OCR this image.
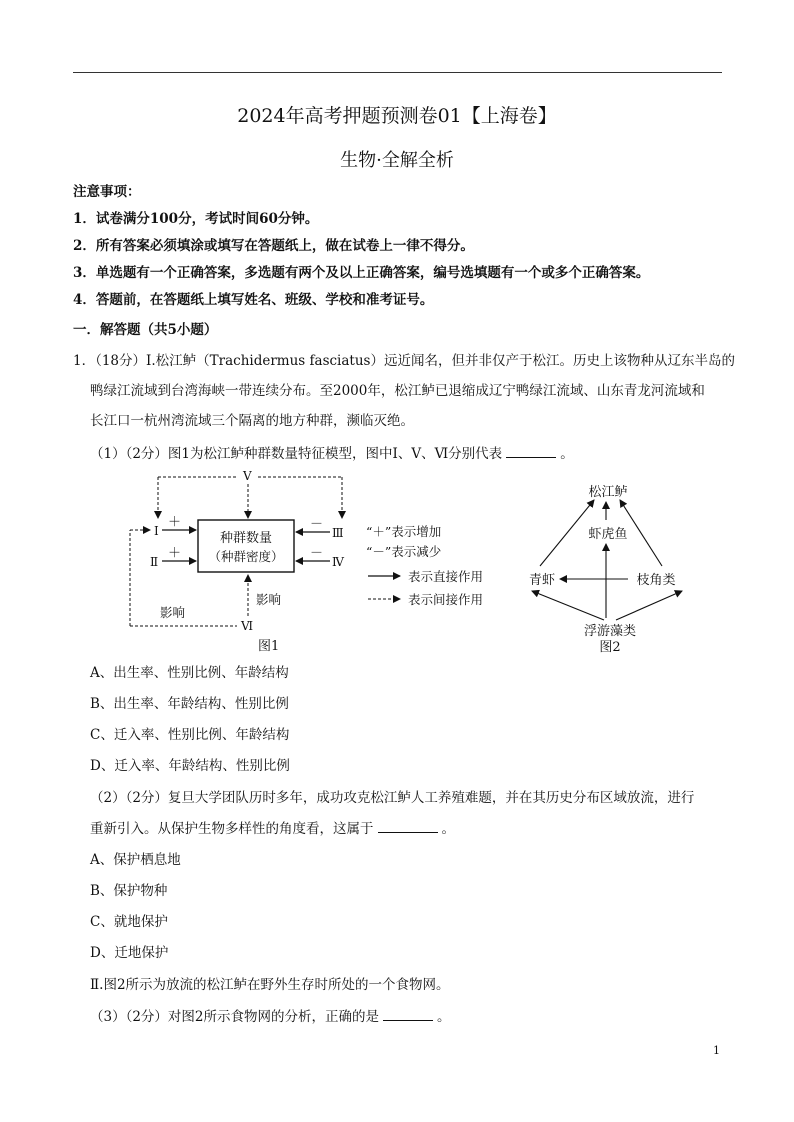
2024年高考押题预测卷01【上海卷】
生物·全解全析
注意事项：
1．试卷满分100分，考试时间60分钟。
2．所有答案必须填涂或填写在答题纸上，做在试卷上一律不得分。
3．单选题有一个正确答案，多选题有两个及以上正确答案，编号选填题有一个或多个正确答案。
4．答题前，在答题纸上填写姓名、班级、学校和准考证号。
一．解答题（共5小题）
1．（18分）Ⅰ.松江鲈（Trachidermus fasciatus）远近闻名，但并非仅产于松江。历史上该物种从辽东半岛的
鸭绿江流域到台湾海峡一带连续分布。至2000年，松江鲈已退缩成辽宁鸭绿江流域、山东青龙河流域和
长江口一杭州湾流域三个隔离的地方种群，濒临灭绝。
（1）（2分）图1为松江鲈种群数量特征模型，图中Ⅰ、Ⅴ、Ⅵ分别代表	。
种群数量
（种群密度）
Ⅰ
＋
Ⅱ
＋
Ⅲ
－
Ⅳ
－
Ⅴ
Ⅵ
影响
影响
图1
“＋”表示增加
“－”表示减少
表示直接作用
表示间接作用
松江鲈
虾虎鱼
青虾	枝角类
浮游藻类
图2
A、出生率、性别比例、年龄结构
B、出生率、年龄结构、性别比例
C、迁入率、性别比例、年龄结构
D、迁入率、年龄结构、性别比例
（2）（2分）复旦大学团队历时多年，成功攻克松江鲈人工养殖难题，并在其历史分布区域放流，进行
重新引入。从保护生物多样性的角度看，这属于	。
A、保护栖息地
B、保护物种
C、就地保护
D、迁地保护
Ⅱ.图2所示为放流的松江鲈在野外生存时所处的一个食物网。
（3）（2分）对图2所示食物网的分析，正确的是	。
1
